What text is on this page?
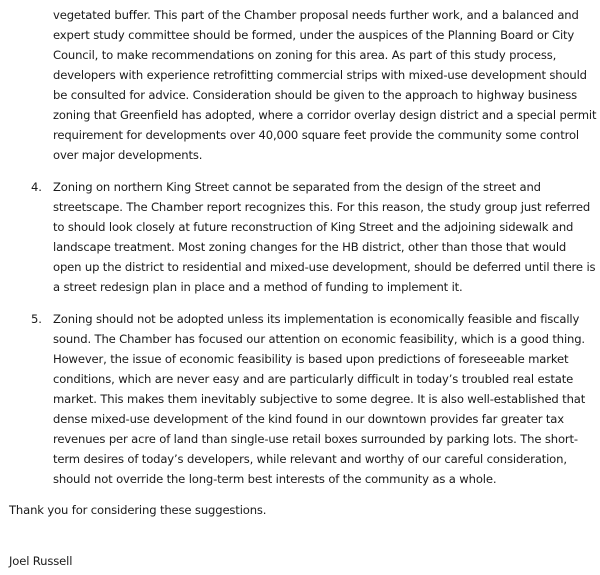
vegetated buffer. This part of the Chamber proposal needs further work, and a balanced and
expert study committee should be formed, under the auspices of the Planning Board or City
Council, to make recommendations on zoning for this area. As part of this study process,
developers with experience retrofitting commercial strips with mixed-use development should
be consulted for advice. Consideration should be given to the approach to highway business
zoning that Greenfield has adopted, where a corridor overlay design district and a special permit
requirement for developments over 40,000 square feet provide the community some control
over major developments.
4. Zoning on northern King Street cannot be separated from the design of the street and
streetscape. The Chamber report recognizes this. For this reason, the study group just referred
to should look closely at future reconstruction of King Street and the adjoining sidewalk and
landscape treatment. Most zoning changes for the HB district, other than those that would
open up the district to residential and mixed-use development, should be deferred until there is
a street redesign plan in place and a method of funding to implement it.
5. Zoning should not be adopted unless its implementation is economically feasible and fiscally
sound. The Chamber has focused our attention on economic feasibility, which is a good thing.
However, the issue of economic feasibility is based upon predictions of foreseeable market
conditions, which are never easy and are particularly difficult in today’s troubled real estate
market. This makes them inevitably subjective to some degree. It is also well-established that
dense mixed-use development of the kind found in our downtown provides far greater tax
revenues per acre of land than single-use retail boxes surrounded by parking lots. The short-
term desires of today’s developers, while relevant and worthy of our careful consideration,
should not override the long-term best interests of the community as a whole.
Thank you for considering these suggestions.
Joel Russell
